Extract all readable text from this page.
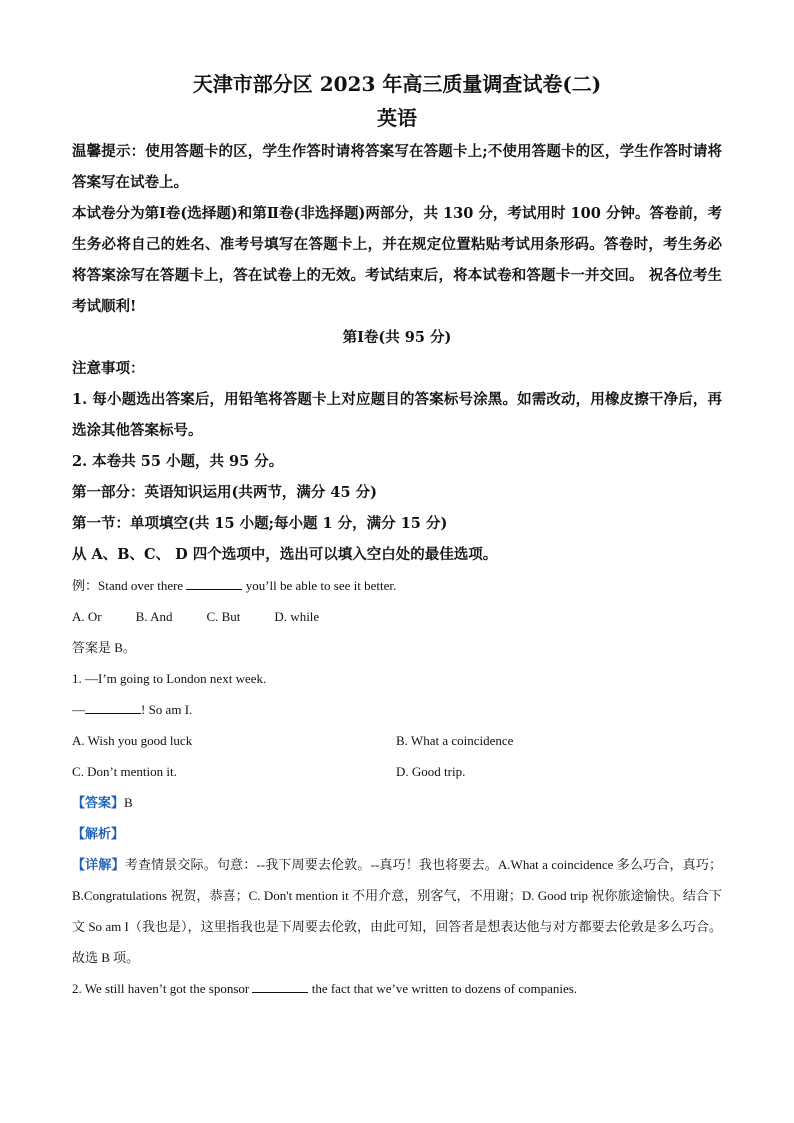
天津市部分区 2023 年高三质量调查试卷(二)
英语

温馨提示：使用答题卡的区，学生作答时请将答案写在答题卡上;不使用答题卡的区，学生作答时请将答案写在试卷上。

本试卷分为第Ⅰ卷(选择题)和第Ⅱ卷(非选择题)两部分，共 130 分，考试用时 100 分钟。答卷前，考生务必将自己的姓名、准考号填写在答题卡上，并在规定位置粘贴考试用条形码。答卷时，考生务必将答案涂写在答题卡上，答在试卷上的无效。考试结束后，将本试卷和答题卡一并交回。 祝各位考生考试顺利!

第Ⅰ卷(共 95 分)
注意事项：

1. 每小题选出答案后，用铅笔将答题卡上对应题目的答案标号涂黑。如需改动，用橡皮擦干净后，再选涂其他答案标号。

2. 本卷共 55 小题，共 95 分。

第一部分：英语知识运用(共两节，满分 45 分)

第一节：单项填空(共 15 小题;每小题 1 分，满分 15 分)

从 A、B、C、 D 四个选项中，选出可以填入空白处的最佳选项。

例：Stand over there	you’ll be able to see it better.

A. Or	B. And	C. But	D. while

答案是 B。

1. —I’m going to London next week.

—	! So am I.

A. Wish you good luck	B. What a coincidence
C. Don’t mention it.	D. Good trip.

【答案】B

【解析】

【详解】考查情景交际。句意：--我下周要去伦敦。--真巧！我也将要去。A.What a coincidence 多么巧合，真巧；B.Congratulations 祝贺，恭喜；C. Don't mention it 不用介意，别客气，不用谢；D. Good trip 祝你旅途愉快。结合下文 So am I（我也是），这里指我也是下周要去伦敦，由此可知，回答者是想表达他与对方都要去伦敦是多么巧合。故选 B 项。

2. We still haven’t got the sponsor	the fact that we’ve written to dozens of companies.
